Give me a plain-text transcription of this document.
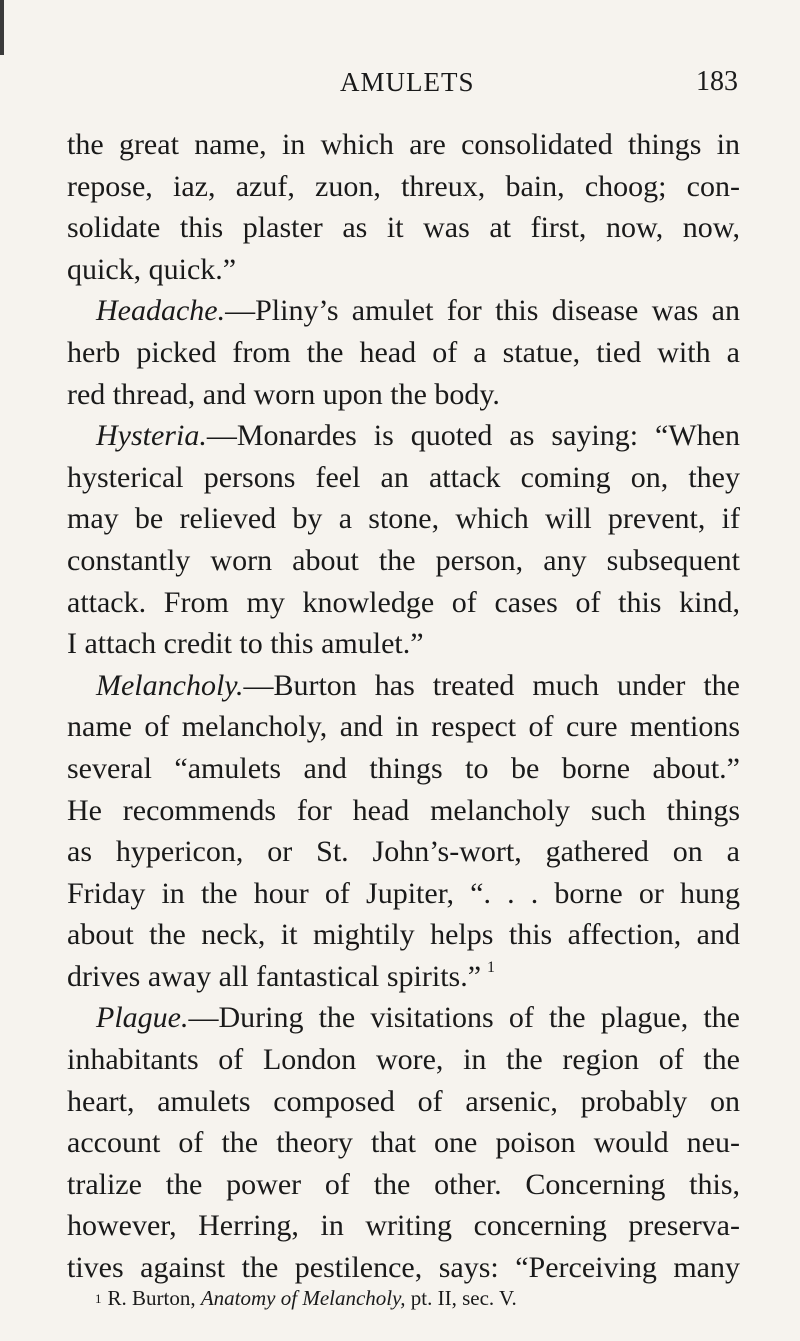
AMULETS	183
the great name, in which are consolidated things in
repose, iaz, azuf, zuon, threux, bain, choog; con-
solidate this plaster as it was at first, now, now,
quick, quick.”
Headache.—Pliny’s amulet for this disease was an
herb picked from the head of a statue, tied with a
red thread, and worn upon the body.
Hysteria.—Monardes is quoted as saying: “When
hysterical persons feel an attack coming on, they
may be relieved by a stone, which will prevent, if
constantly worn about the person, any subsequent
attack. From my knowledge of cases of this kind,
I attach credit to this amulet.”
Melancholy.—Burton has treated much under the
name of melancholy, and in respect of cure mentions
several “amulets and things to be borne about.”
He recommends for head melancholy such things
as hypericon, or St. John’s-wort, gathered on a
Friday in the hour of Jupiter, “. . . borne or hung
about the neck, it mightily helps this affection, and
drives away all fantastical spirits.” $^1$
Plague.—During the visitations of the plague, the
inhabitants of London wore, in the region of the
heart, amulets composed of arsenic, probably on
account of the theory that one poison would neu-
tralize the power of the other. Concerning this,
however, Herring, in writing concerning preserva-
tives against the pestilence, says: “Perceiving many
$^1$ R. Burton, Anatomy of Melancholy, pt. II, sec. V.
